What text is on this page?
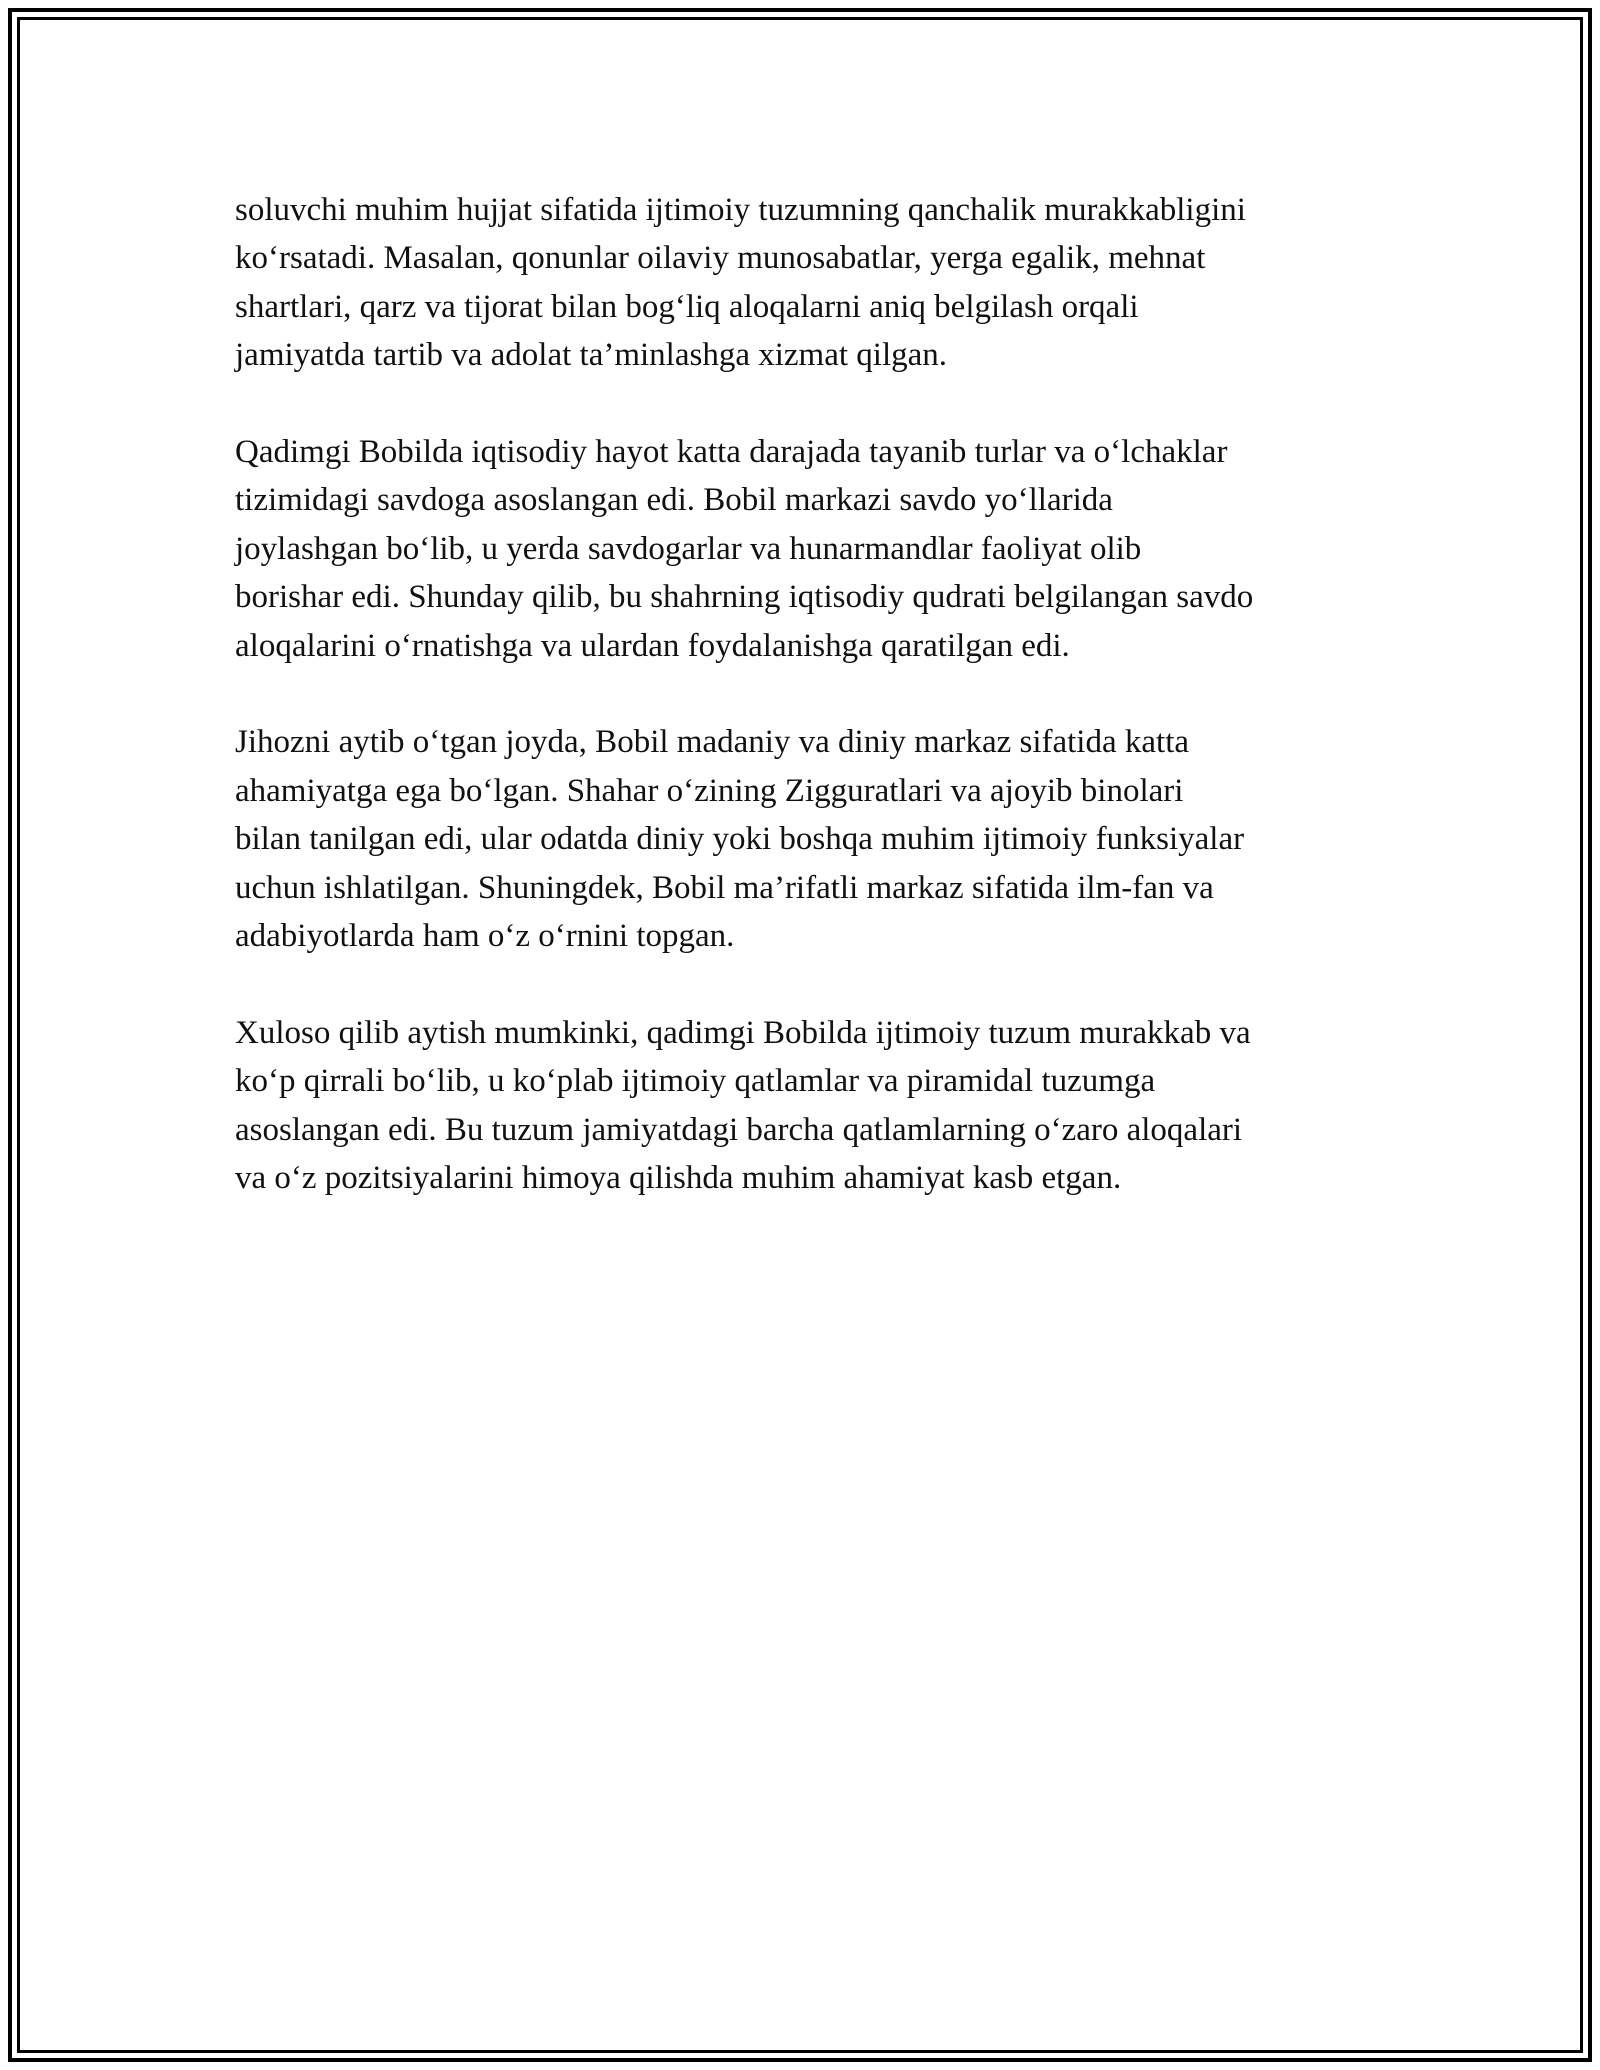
soluvchi muhim hujjat sifatida ijtimoiy tuzumning qanchalik murakkabligini
ko‘rsatadi. Masalan, qonunlar oilaviy munosabatlar, yerga egalik, mehnat
shartlari, qarz va tijorat bilan bog‘liq aloqalarni aniq belgilash orqali
jamiyatda tartib va adolat ta’minlashga xizmat qilgan.

Qadimgi Bobilda iqtisodiy hayot katta darajada tayanib turlar va o‘lchaklar
tizimidagi savdoga asoslangan edi. Bobil markazi savdo yo‘llarida
joylashgan bo‘lib, u yerda savdogarlar va hunarmandlar faoliyat olib
borishar edi. Shunday qilib, bu shahrning iqtisodiy qudrati belgilangan savdo
aloqalarini o‘rnatishga va ulardan foydalanishga qaratilgan edi.

Jihozni aytib o‘tgan joyda, Bobil madaniy va diniy markaz sifatida katta
ahamiyatga ega bo‘lgan. Shahar o‘zining Zigguratlari va ajoyib binolari
bilan tanilgan edi, ular odatda diniy yoki boshqa muhim ijtimoiy funksiyalar
uchun ishlatilgan. Shuningdek, Bobil ma’rifatli markaz sifatida ilm-fan va
adabiyotlarda ham o‘z o‘rnini topgan.

Xuloso qilib aytish mumkinki, qadimgi Bobilda ijtimoiy tuzum murakkab va
ko‘p qirrali bo‘lib, u ko‘plab ijtimoiy qatlamlar va piramidal tuzumga
asoslangan edi. Bu tuzum jamiyatdagi barcha qatlamlarning o‘zaro aloqalari
va o‘z pozitsiyalarini himoya qilishda muhim ahamiyat kasb etgan.
